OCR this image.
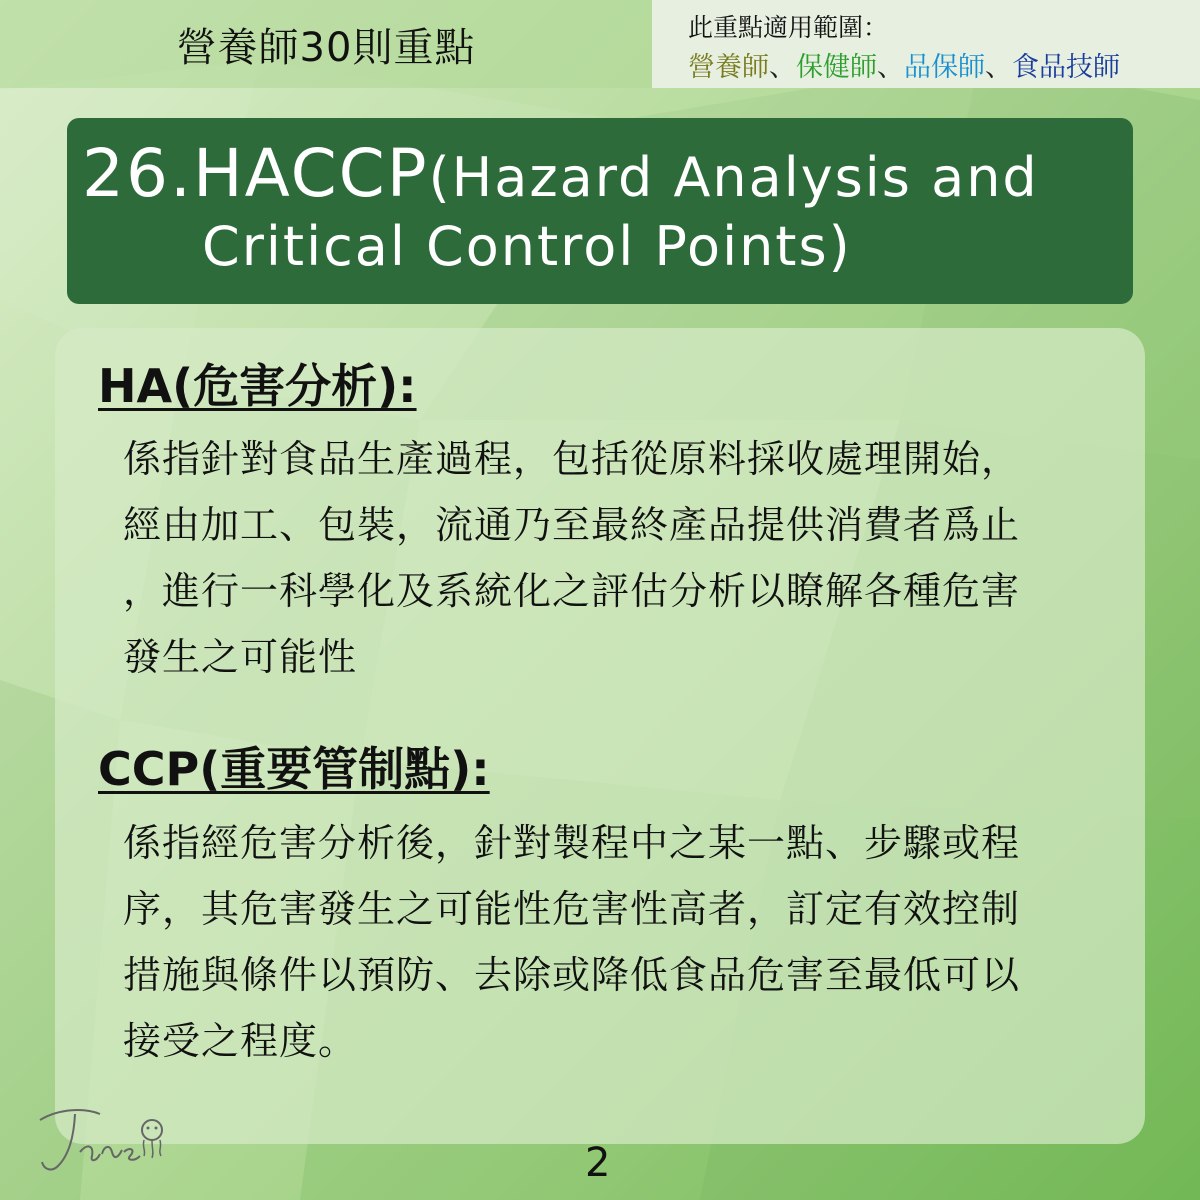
營養師30則重點	此重點適用範圍：
營養師、保健師、品保師、食品技師
26.HACCP(Hazard Analysis and
Critical Control Points)
HA(危害分析):
係指針對食品生產過程，包括從原料採收處理開始，
經由加工、包裝，流通乃至最終產品提供消費者爲止
，進行一科學化及系統化之評估分析以瞭解各種危害
發生之可能性
CCP(重要管制點):
係指經危害分析後，針對製程中之某一點、步驟或程
序，其危害發生之可能性危害性高者，訂定有效控制
措施與條件以預防、去除或降低食品危害至最低可以
接受之程度。
2
